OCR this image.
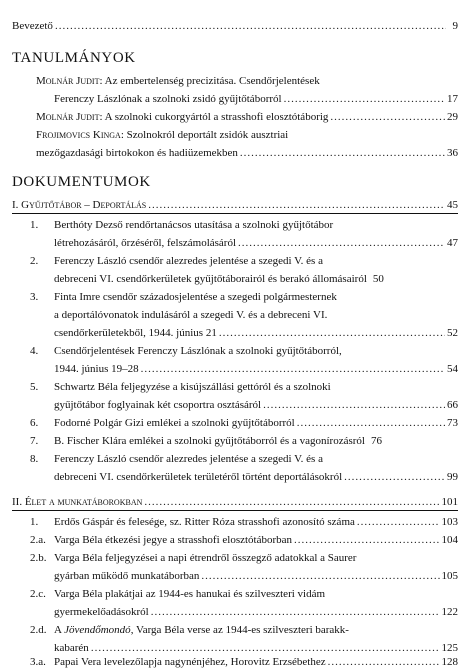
Bevezető .....	9
TANULMÁNYOK
Molnár Judit: Az embertelenség precizitása. Csendőrjelentések
Ferenczy Lászlónak a szolnoki zsidó gyűjtőtáborról .....	17
Molnár Judit: A szolnoki cukorgyártól a strasshofi elosztótáborig .....	29
Frojimovics Kinga: Szolnokról deportált zsidók ausztriai
mezőgazdasági birtokokon és hadiüzemekben .....	36
DOKUMENTUMOK
I. Gyűjtőtábor – Deportálás .....	45
1. Berthóty Dezső rendőrtanácsos utasítása a szolnoki gyűjtőtábor
létrehozásáról, őrzéséről, felszámolásáról .....	47
2. Ferenczy László csendőr alezredes jelentése a szegedi V. és a
debreceni VI. csendőrkerületek gyűjtőtáborairól és berakó állomásairól 50
3. Finta Imre csendőr századosjelentése a szegedi polgármesternek
a deportálóvonatok indulásáról a szegedi V. és a debreceni VI.
csendőrkerületekből, 1944. június 21 .....	52
4. Csendőrjelentések Ferenczy Lászlónak a szolnoki gyűjtőtáborról,
1944. június 19–28 .....	54
5. Schwartz Béla feljegyzése a kisújszállási gettóról és a szolnoki
gyűjtőtábor foglyainak két csoportra osztásáról .....	66
6. Fodorné Polgár Gizi emlékei a szolnoki gyűjtőtáborról .....	73
7. B. Fischer Klára emlékei a szolnoki gyűjtőtáborról és a vagonírozásról 76
8. Ferenczy László csendőr alezredes jelentése a szegedi V. és a
debreceni VI. csendőrkerületek területéről történt deportálásokról .....	99
II. Élet a munkatáborokban .....	101
1. Erdős Gáspár és felesége, sz. Ritter Róza strasshofi azonosító száma .....	103
2.a. Varga Béla étkezési jegye a strasshofi elosztótáborban .....	104
2.b. Varga Béla feljegyzései a napi étrendről összegző adatokkal a Saurer
gyárban működő munkatáborban .....	105
2.c. Varga Béla plakátjai az 1944-es hanukai és szilveszteri vidám
gyermekelőadásokról .....	122
2.d. A Jövendőmondó, Varga Béla verse az 1944-es szilveszteri barakk-
kabarén .....	125
3.a. Papai Vera levelezőlapja nagynénjéhez, Horovitz Erzsébethez .....	128
